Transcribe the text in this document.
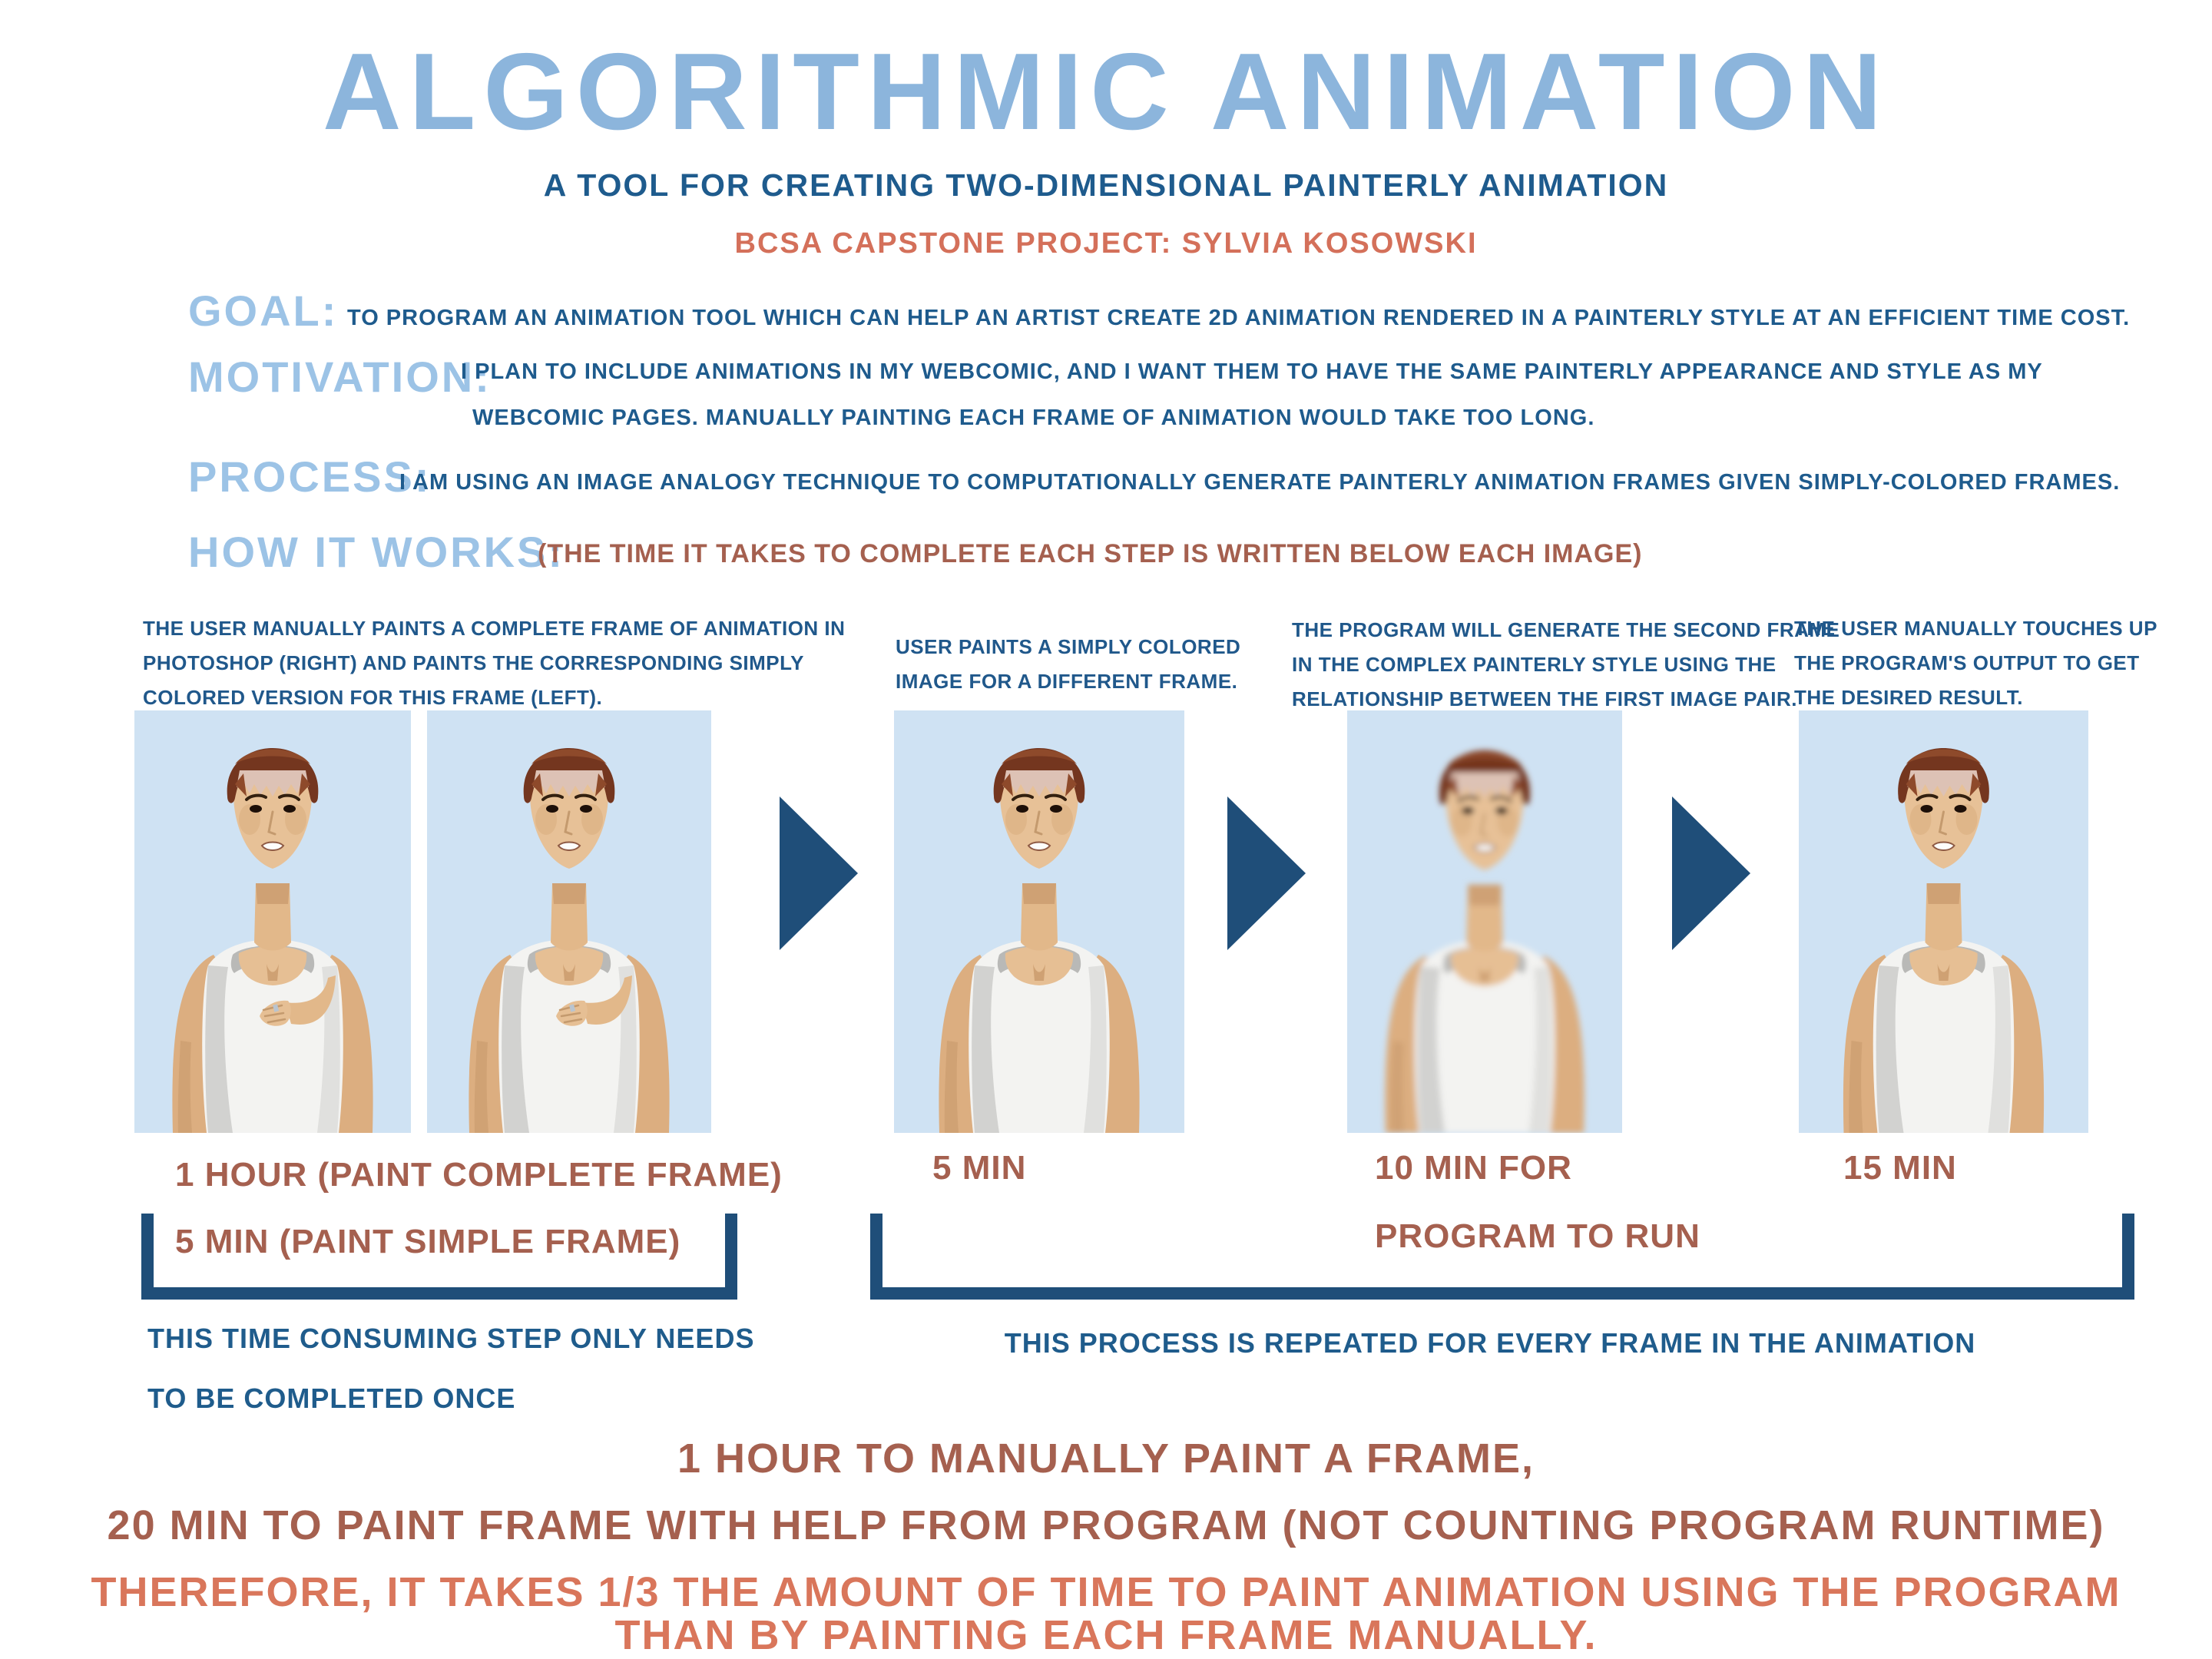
ALGORITHMIC ANIMATION
A TOOL FOR CREATING TWO-DIMENSIONAL PAINTERLY ANIMATION
BCSA CAPSTONE PROJECT: SYLVIA KOSOWSKI
GOAL: TO PROGRAM AN ANIMATION TOOL WHICH CAN HELP AN ARTIST CREATE 2D ANIMATION RENDERED IN A PAINTERLY STYLE AT AN EFFICIENT TIME COST.
MOTIVATION:
I PLAN TO INCLUDE ANIMATIONS IN MY WEBCOMIC, AND I WANT THEM TO HAVE THE SAME PAINTERLY APPEARANCE AND STYLE AS MY
WEBCOMIC PAGES. MANUALLY PAINTING EACH FRAME OF ANIMATION WOULD TAKE TOO LONG.
PROCESS:
I AM USING AN IMAGE ANALOGY TECHNIQUE TO COMPUTATIONALLY GENERATE PAINTERLY ANIMATION FRAMES GIVEN SIMPLY-COLORED FRAMES.
HOW IT WORKS:
(THE TIME IT TAKES TO COMPLETE EACH STEP IS WRITTEN BELOW EACH IMAGE)
THE USER MANUALLY PAINTS A COMPLETE FRAME OF ANIMATION IN
PHOTOSHOP (RIGHT) AND PAINTS THE CORRESPONDING SIMPLY
COLORED VERSION FOR THIS FRAME (LEFT).
USER PAINTS A SIMPLY COLORED
IMAGE FOR A DIFFERENT FRAME.
THE PROGRAM WILL GENERATE THE SECOND FRAME
IN THE COMPLEX PAINTERLY STYLE USING THE
RELATIONSHIP BETWEEN THE FIRST IMAGE PAIR.
THE USER MANUALLY TOUCHES UP
THE PROGRAM'S OUTPUT TO GET
THE DESIRED RESULT.
1 HOUR (PAINT COMPLETE FRAME)
5 MIN (PAINT SIMPLE FRAME)
5 MIN	10 MIN FOR
PROGRAM TO RUN
15 MIN
THIS TIME CONSUMING STEP ONLY NEEDS
TO BE COMPLETED ONCE
THIS PROCESS IS REPEATED FOR EVERY FRAME IN THE ANIMATION
1 HOUR TO MANUALLY PAINT A FRAME,
20 MIN TO PAINT FRAME WITH HELP FROM PROGRAM (NOT COUNTING PROGRAM RUNTIME)
THEREFORE, IT TAKES 1/3 THE AMOUNT OF TIME TO PAINT ANIMATION USING THE PROGRAM
THAN BY PAINTING EACH FRAME MANUALLY.
